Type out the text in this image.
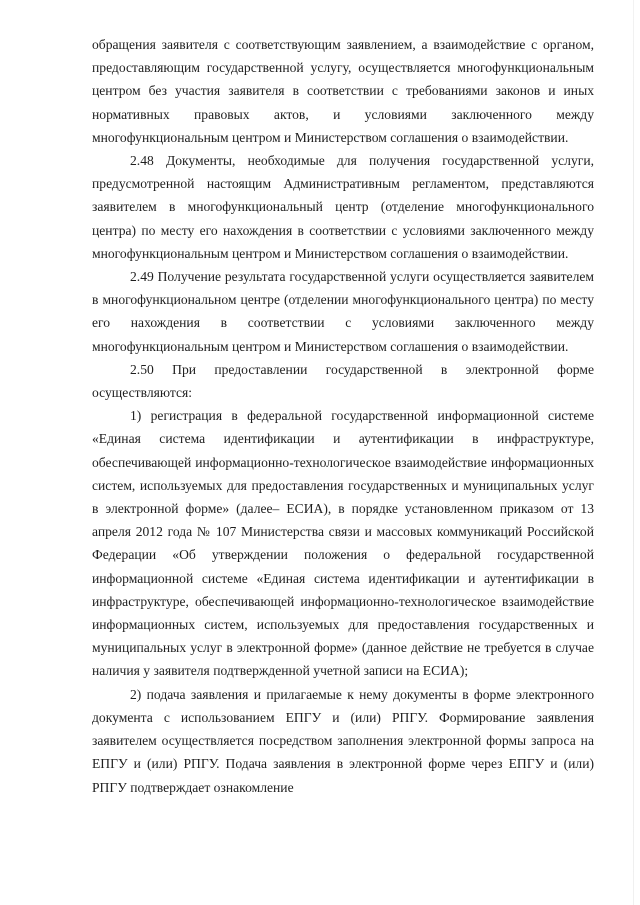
обращения заявителя с соответствующим заявлением, а взаимодействие с органом, предоставляющим государственной услугу, осуществляется многофункциональным центром без участия заявителя в соответствии с требованиями законов и иных нормативных правовых актов, и условиями заключенного между многофункциональным центром и Министерством соглашения о взаимодействии.

2.48 Документы, необходимые для получения государственной услуги, предусмотренной настоящим Административным регламентом, представляются заявителем в многофункциональный центр (отделение многофункционального центра) по месту его нахождения в соответствии с условиями заключенного между многофункциональным центром и Министерством соглашения о взаимодействии.

2.49 Получение результата государственной услуги осуществляется заявителем в многофункциональном центре (отделении многофункционального центра) по месту его нахождения в соответствии с условиями заключенного между многофункциональным центром и Министерством соглашения о взаимодействии.

2.50 При предоставлении государственной в электронной форме осуществляются:

1) регистрация в федеральной государственной информационной системе «Единая система идентификации и аутентификации в инфраструктуре, обеспечивающей информационно-технологическое взаимодействие информационных систем, используемых для предоставления государственных и муниципальных услуг в электронной форме» (далее– ЕСИА), в порядке установленном приказом от 13 апреля 2012 года № 107 Министерства связи и массовых коммуникаций Российской Федерации «Об утверждении положения о федеральной государственной информационной системе «Единая система идентификации и аутентификации в инфраструктуре, обеспечивающей информационно-технологическое взаимодействие информационных систем, используемых для предоставления государственных и муниципальных услуг в электронной форме» (данное действие не требуется в случае наличия у заявителя подтвержденной учетной записи на ЕСИА);

2) подача заявления и прилагаемые к нему документы в форме электронного документа с использованием ЕПГУ и (или) РПГУ. Формирование заявления заявителем осуществляется посредством заполнения электронной формы запроса на ЕПГУ и (или) РПГУ. Подача заявления в электронной форме через ЕПГУ и (или) РПГУ подтверждает ознакомление
